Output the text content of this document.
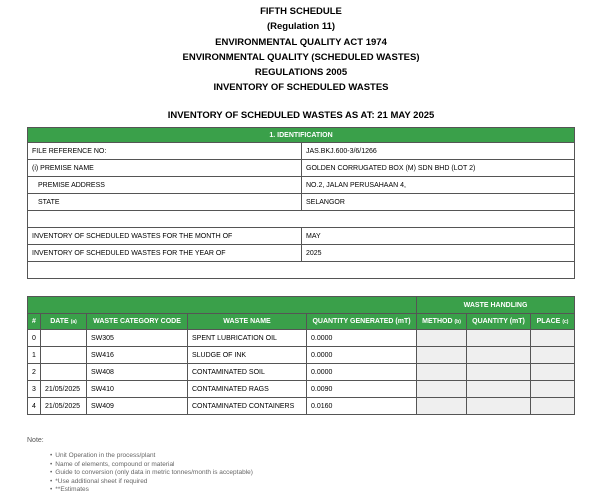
FIFTH SCHEDULE
(Regulation 11)
ENVIRONMENTAL QUALITY ACT 1974
ENVIRONMENTAL QUALITY (SCHEDULED WASTES)
REGULATIONS 2005
INVENTORY OF SCHEDULED WASTES
INVENTORY OF SCHEDULED WASTES AS AT: 21 MAY 2025
1. IDENTIFICATION	
FILE REFERENCE NO:	JAS.BKJ.600-3/6/1266
(i) PREMISE NAME	GOLDEN CORRUGATED BOX (M) SDN BHD (LOT 2)
PREMISE ADDRESS	NO.2, JALAN PERUSAHAAN 4,
STATE	SELANGOR

INVENTORY OF SCHEDULED WASTES FOR THE MONTH OF	MAY
INVENTORY OF SCHEDULED WASTES FOR THE YEAR OF	2025

					WASTE HANDLING		
#	DATE (a)	WASTE CATEGORY CODE	WASTE NAME	QUANTITY GENERATED (mT)	METHOD (b)	QUANTITY (mT)	PLACE (c)
0		SW305	SPENT LUBRICATION OIL	0.0000			
1		SW416	SLUDGE OF INK	0.0000			
2		SW408	CONTAMINATED SOIL	0.0000			
3	21/05/2025	SW410	CONTAMINATED RAGS	0.0090			
4	21/05/2025	SW409	CONTAMINATED CONTAINERS	0.0160			
Note:
• Unit Operation in the process/plant
• Name of elements, compound or material
• Guide to conversion (only data in metric tonnes/month is acceptable)
• *Use additional sheet if required
• **Estimates
